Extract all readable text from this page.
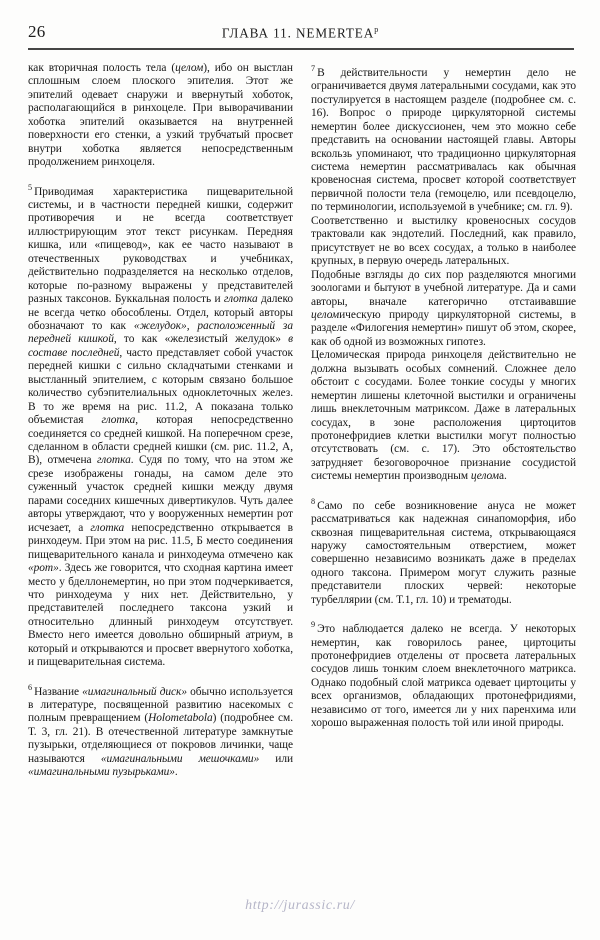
26	ГЛАВА 11. $NEMERTEA^р$

как вторичная полость тела (целом), ибо он выстлан сплошным слоем плоского эпителия. Этот же эпителий одевает снаружи и ввернутый хоботок, располагающийся в ринхоцеле. При выворачивании хоботка эпителий оказывается на внутренней поверхности его стенки, а узкий трубчатый просвет внутри хоботка является непосредственным продолжением ринхоцеля.

$^5$ Приводимая характеристика пищеварительной системы, и в частности передней кишки, содержит противоречия и не всегда соответствует иллюстрирующим этот текст рисункам. Передняя кишка, или «пищевод», как ее часто называют в отечественных руководствах и учебниках, действительно подразделяется на несколько отделов, которые по-разному выражены у представителей разных таксонов. Буккальная полость и глотка далеко не всегда четко обособлены. Отдел, который авторы обозначают то как «желудок», расположенный за передней кишкой, то как «железистый желудок» в составе последней, часто представляет собой участок передней кишки с сильно складчатыми стенками и выстланный эпителием, с которым связано большое количество субэпителиальных одноклеточных желез. В то же время на рис. 11.2, А показана только объемистая глотка, которая непосредственно соединяется со средней кишкой. На поперечном срезе, сделанном в области средней кишки (см. рис. 11.2, А, В), отмечена глотка. Судя по тому, что на этом же срезе изображены гонады, на самом деле это суженный участок средней кишки между двумя парами соседних кишечных дивертикулов. Чуть далее авторы утверждают, что у вооруженных немертин рот исчезает, а глотка непосредственно открывается в ринходеум. При этом на рис. 11.5, Б место соединения пищеварительного канала и ринходеума отмечено как «рот». Здесь же говорится, что сходная картина имеет место у бделлонемертин, но при этом подчеркивается, что ринходеума у них нет. Действительно, у представителей последнего таксона узкий и относительно длинный ринходеум отсутствует. Вместо него имеется довольно обширный атриум, в который и открываются и просвет ввернутого хоботка, и пищеварительная система.

$^6$ Название «имагинальный диск» обычно используется в литературе, посвященной развитию насекомых с полным превращением (Holometabola) (подробнее см. Т. 3, гл. 21). В отечественной литературе замкнутые пузырьки, отделяющиеся от покровов личинки, чаще называются «имагинальными мешочками» или «имагинальными пузырьками».

$^7$ В действительности у немертин дело не ограничивается двумя латеральными сосудами, как это постулируется в настоящем разделе (подробнее см. с. 16). Вопрос о природе циркуляторной системы немертин более дискуссионен, чем это можно себе представить на основании настоящей главы. Авторы вскользь упоминают, что традиционно циркуляторная система немертин рассматривалась как обычная кровеносная система, просвет которой соответствует первичной полости тела (гемоцелю, или псевдоцелю, по терминологии, используемой в учебнике; см. гл. 9).

Соответственно и выстилку кровеносных сосудов трактовали как эндотелий. Последний, как правило, присутствует не во всех сосудах, а только в наиболее крупных, в первую очередь латеральных.

Подобные взгляды до сих пор разделяются многими зоологами и бытуют в учебной литературе. Да и сами авторы, вначале категорично отстаивавшие целомическую природу циркуляторной системы, в разделе «Филогения немертин» пишут об этом, скорее, как об одной из возможных гипотез.

Целомическая природа ринхоцеля действительно не должна вызывать особых сомнений. Сложнее дело обстоит с сосудами. Более тонкие сосуды у многих немертин лишены клеточной выстилки и ограничены лишь внеклеточным матриксом. Даже в латеральных сосудах, в зоне расположения циртоцитов протонефридиев клетки выстилки могут полностью отсутствовать (см. с. 17). Это обстоятельство затрудняет безоговорочное признание сосудистой системы немертин производным целома.

$^8$ Само по себе возникновение ануса не может рассматриваться как надежная синапоморфия, ибо сквозная пищеварительная система, открывающаяся наружу самостоятельным отверстием, может совершенно независимо возникать даже в пределах одного таксона. Примером могут служить разные представители плоских червей: некоторые турбеллярии (см. Т.1, гл. 10) и трематоды.

$^9$ Это наблюдается далеко не всегда. У некоторых немертин, как говорилось ранее, циртоциты протонефридиев отделены от просвета латеральных сосудов лишь тонким слоем внеклеточного матрикса. Однако подобный слой матрикса одевает циртоциты у всех организмов, обладающих протонефридиями, независимо от того, имеется ли у них паренхима или хорошо выраженная полость той или иной природы.

http://jurassic.ru/
